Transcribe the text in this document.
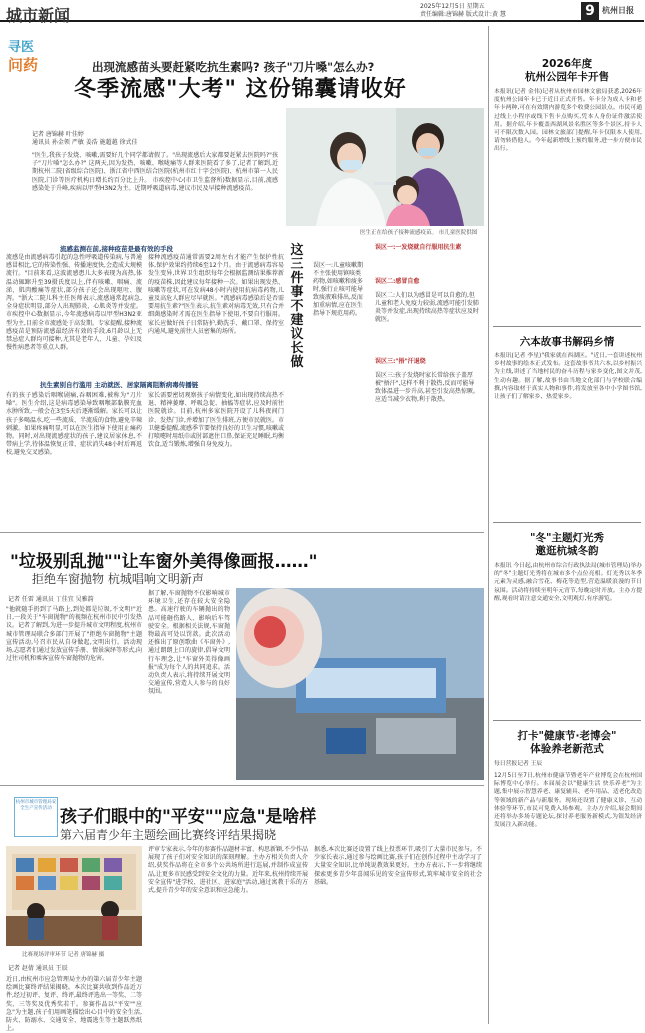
城市新闻	2025年12月5日 星期五
责任编辑:唐锦赫 版式设计:黄 慧	9 杭州日报
寻医
问药	出现流感苗头要赶紧吃抗生素吗? 孩子"刀片嗓"怎么办?
冬季流感"大考" 这份锦囊请收好
记者 唐锦赫 叶佳婷
通讯员 孙金领 严敏 姜浩 施超越 徐式佳
"医生,我孩子发烧、咳嗽,需要好几个同学都请假了。"出现流感后大家都要赶紧去医院吗?"孩子"刀片嗓"怎么办?" 这两天,因为发热、咳嗽、喉咙痛等人群来医院看了多了,记者了解到,近期杭州二院(省级综合医院)、浙江省中西医结合医院(杭州市红十字会医院)、杭州市第一人民医院,门诊等医疗机构日增长约百分比上升。 市疾控中心(市卫生监督所)数据显示,目前,流感感染处于升峰,疾病以甲型H3N2为主。近期呼吸道病毒,建议市民及早接种流感疫苗。
医生正在给孩子接种流感疫苗。 市儿童医院供图
流感监测在前,接种疫苗是最有效的手段
流感是由流感病毒引起的急性呼吸道传染病,与普通感冒相比,它的传染性强、传播速度快,会造成大规模流行。"目前来看,这波流感患儿大多表现为高热,体温动辄蹿升至39摄氏度以上,伴有咳嗽、咽痛、流涕、肌肉酸痛等症状,部分孩子还会出现呕吐、腹泻。"浙大二院儿科主任医师表示,流感通常起病急,全身症状明显,部分人出现肺炎、心肌炎等并发症。市疾控中心数据显示,今年流感病毒以甲型H3N2亚型为主,目前全市流感处于高发期。专家提醒,接种流感疫苗是预防流感最经济有效的手段,6月龄以上无禁忌症人群均可接种,尤其是老年人、儿童、孕妇及慢性病患者等重点人群。
接种流感疫苗通常需要2周左右才能产生保护性抗体,保护效果约持续6至12个月。由于流感病毒容易发生变异,世界卫生组织每年会根据监测结果推荐新的疫苗株,因此建议每年接种一次。如果出现发热、咳嗽等症状,可在发病48小时内使用抗病毒药物,儿童及高危人群应尽早就医。"流感病毒感染后是否需要用抗生素?"医生表示,抗生素对病毒无效,只有合并细菌感染时才需在医生指导下使用,不要自行服用。家长应做好孩子日常防护,勤洗手、戴口罩、保持室内通风,避免前往人员密集的场所。
抗生素别自行滥用 主动就医、居家隔离阻断病毒传播链
有的孩子感染后咽喉剧痛,吞咽困难,被称为"刀片嗓"。医生介绍,这是病毒感染导致咽喉部黏膜充血水肿所致,一般会在3至5天后逐渐缓解。家长可以让孩子多喝温水,吃一些流质、半流质的食物,避免辛辣刺激。如果疼痛明显,可以在医生指导下使用止痛药物。同时,对出现流感症状的孩子,建议居家休息,不带病上学,待体温恢复正常、症状消失48小时后再返校,避免交叉感染。
家长需要密切观察孩子病情变化,如出现持续高热不退、精神萎靡、呼吸急促、抽搐等症状,应及时前往医院就诊。目前,杭州多家医院开设了儿科夜间门诊、发热门诊,并增加了医生排班,方便市民就医。市卫健委提醒,流感季节要保持良好的卫生习惯,咳嗽或打喷嚏时用纸巾或肘部遮住口鼻,保证充足睡眠,均衡饮食,适当锻炼,增强自身免疫力。
这三件事不建议长做
误区一:一发烧就自行服用抗生素
误区一:儿童咳嗽期不主张使用镇咳类药物,如咳嗽和痰多时,强行止咳可能导致痰液难排出,反而加重病情,应在医生指导下规范用药。
误区二:感冒自愈
误区二:人们以为感冒是可以自愈的,但儿童和老人免疫力较弱,流感可能引发肺炎等并发症,出现持续高热等症状应及时就医。
误区三:"捂"汗退烧
误区三:孩子发烧时家长常给孩子盖厚被"捂汗",这样不利于散热,反而可能导致体温进一步升高,甚至引发高热惊厥。应适当减少衣物,利于散热。
"垃圾别乱抛""让车窗外美得像画报……"
拒绝车窗抛物 杭城唱响文明新声
记者 任雷 通讯员 丁佳宜 吴雅韵
"他就随手扔到了马路上,到处都是垃圾,不文明!"近日,一段关于"车窗抛物"的视频在杭州市民中引发热议。记者了解到,为进一步提升城市文明程度,杭州市城市管理局联合多部门开展了"拒绝车窗抛物"主题宣传活动,号召市民从自身做起,文明出行。活动现场,志愿者们通过发放宣传手册、情景演绎等形式,向过往司机和乘客宣传车窗抛物的危害。
据了解,车窗抛物不仅影响城市环境卫生,还存在较大安全隐患。高速行驶的车辆抛出的物品可能砸伤路人、影响后车驾驶安全。根据相关法规,车窗抛物最高可处以罚款。此次活动还推出了原创歌曲《车窗外》,通过朗朗上口的旋律,倡导文明行车理念,让"车窗外美得像画报"成为每个人的共同追求。活动负责人表示,将持续开展文明交通宣传,营造人人参与的良好氛围。
杭州市城市管理局安全生产宣传活动 孩子们眼中的"平安""应急"是啥样
第六届青少年主题绘画比赛终评结果揭晓
比赛现场评审环节 记者 唐锦赫 摄
记者 赵倩 通讯员 王辰
近日,由杭州市应急管理局主办的第六届青少年主题绘画比赛终评结果揭晓。本次比赛共收到作品近万件,经过初评、复评、终评,最终评选出一等奖、二等奖、三等奖及优秀奖若干。参赛作品以"平安""应急"为主题,孩子们用画笔描绘出心目中的安全生活,防火、防溺水、交通安全、地震逃生等主题跃然纸上。
评审专家表示,今年的参赛作品题材丰富、构思新颖,不少作品展现了孩子们对安全知识的深刻理解。主办方相关负责人介绍,获奖作品将在全市多个公共场所进行巡展,并制作成宣传品,让更多市民感受到安全文化的力量。近年来,杭州持续开展安全宣传"进学校、进社区、进家庭"活动,通过寓教于乐的方式,提升青少年的安全意识和应急能力。
据悉,本次比赛还设置了线上投票环节,吸引了大量市民参与。不少家长表示,通过参与绘画比赛,孩子们在创作过程中主动学习了大量安全知识,比单纯说教效果更好。主办方表示,下一步将继续探索更多青少年喜闻乐见的安全宣传形式,筑牢城市安全的社会基础。
2026年度
杭州公园年卡开售
本报讯(记者 金伟)记者从杭州市园林文旅局获悉,2026年度杭州公园年卡已于近日正式开售。年卡分为成人卡和老年卡两种,可在有效期内游览多个收费公园景点。市民可通过线上小程序或线下售卡点购买,凭本人身份证件激活使用。据介绍,年卡覆盖西湖风景名胜区等多个景区,持卡人可不限次数入园。园林文旅部门提醒,年卡仅限本人使用,请勿转借他人。今年起新增线上预约服务,进一步方便市民出行。
六本故事书解码乡情
本报讯(记者 李星)"我家就在西湖区。"近日,一套讲述杭州乡村故事的绘本正式发布。这套故事书共六本,以乡村振兴为主线,讲述了当地村民的奋斗历程与家乡变化,图文并茂,生动有趣。据了解,故事书由当地文化部门与学校联合编撰,内容取材于真实人物和事件,将发放至各中小学图书馆,让孩子们了解家乡、热爱家乡。
"冬"主题灯光秀
邀逛杭城冬韵
本报讯 今日起,由杭州市综合行政执法局(城市管理局)举办的"冬"主题灯光秀将在城市多个点位亮相。灯光秀以冬季元素为灵感,融合雪花、梅花等造型,营造温暖浪漫的节日氛围。活动将持续至明年元宵节,每晚定时开放。主办方提醒,观看时请注意交通安全,文明观灯,有序游览。
打卡"健康节·老博会"
体验养老新范式
每日营报记者 王辰
12月5日至7日,杭州市健康节暨老年产业博览会在杭州国际博览中心举行。本届展会以"健康生活 快乐养老"为主题,集中展示智慧养老、康复辅具、老年用品、适老化改造等领域的新产品与新服务。现场还设置了健康义诊、互动体验等环节,市民可免费入场参观。主办方介绍,展会期间还将举办多场专题论坛,探讨养老服务新模式,为银发经济发展注入新动能。
